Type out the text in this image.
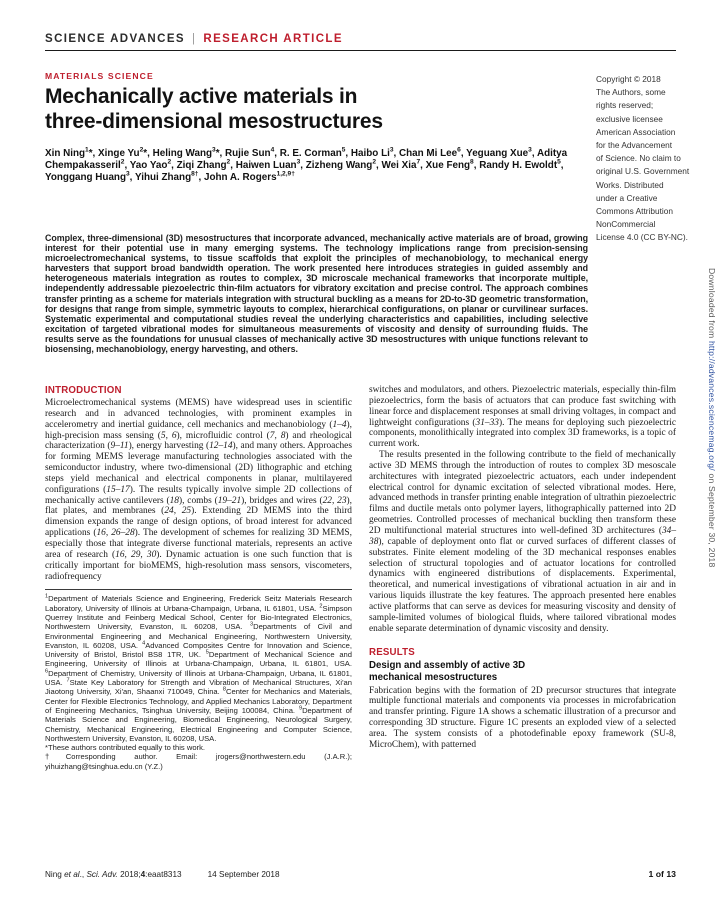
SCIENCE ADVANCES | RESEARCH ARTICLE
MATERIALS SCIENCE
Mechanically active materials in
three-dimensional mesostructures

Xin Ning$^1$*, Xinge Yu$^2$*, Heling Wang$^3$*, Rujie Sun$^4$, R. E. Corman$^5$, Haibo Li$^3$, Chan Mi Lee$^6$, Yeguang Xue$^3$, Aditya Chempakasseril$^2$, Yao Yao$^2$, Ziqi Zhang$^2$, Haiwen Luan$^3$, Zizheng Wang$^2$, Wei Xia$^7$, Xue Feng$^8$, Randy H. Ewoldt$^5$, Yonggang Huang$^3$, Yihui Zhang$^{8\dagger}$, John A. Rogers$^{1,2,9\dagger}$

Complex, three-dimensional (3D) mesostructures that incorporate advanced, mechanically active materials are of broad, growing interest for their potential use in many emerging systems. The technology implications range from precision-sensing microelectromechanical systems, to tissue scaffolds that exploit the principles of mechanobiology, to mechanical energy harvesters that support broad bandwidth operation. The work presented here introduces strategies in guided assembly and heterogeneous materials integration as routes to complex, 3D microscale mechanical frameworks that incorporate multiple, independently addressable piezoelectric thin-film actuators for vibratory excitation and precise control. The approach combines transfer printing as a scheme for materials integration with structural buckling as a means for 2D-to-3D geometric transformation, for designs that range from simple, symmetric layouts to complex, hierarchical configurations, on planar or curvilinear surfaces. Systematic experimental and computational studies reveal the underlying characteristics and capabilities, including selective excitation of targeted vibrational modes for simultaneous measurements of viscosity and density of surrounding fluids. The results serve as the foundations for unusual classes of mechanically active 3D mesostructures with unique functions relevant to biosensing, mechanobiology, energy harvesting, and others.

Copyright © 2018
The Authors, some
rights reserved;
exclusive licensee
American Association
for the Advancement
of Science. No claim to
original U.S. Government
Works. Distributed
under a Creative
Commons Attribution
NonCommercial
License 4.0 (CC BY-NC).
INTRODUCTION

Microelectromechanical systems (MEMS) have widespread uses in scientific research and in advanced technologies, with prominent examples in accelerometry and inertial guidance, cell mechanics and mechanobiology (1–4), high-precision mass sensing (5, 6), microfluidic control (7, 8) and rheological characterization (9–11), energy harvesting (12–14), and many others. Approaches for forming MEMS leverage manufacturing technologies associated with the semiconductor industry, where two-dimensional (2D) lithographic and etching steps yield mechanical and electrical components in planar, multilayered configurations (15–17). The results typically involve simple 2D collections of mechanically active cantilevers (18), combs (19–21), bridges and wires (22, 23), flat plates, and membranes (24, 25). Extending 2D MEMS into the third dimension expands the range of design options, of broad interest for advanced applications (16, 26–28). The development of schemes for realizing 3D MEMS, especially those that integrate diverse functional materials, represents an active area of research (16, 29, 30). Dynamic actuation is one such function that is critically important for bioMEMS, high-resolution mass sensors, viscometers, radiofrequency

$^1$Department of Materials Science and Engineering, Frederick Seitz Materials Research Laboratory, University of Illinois at Urbana-Champaign, Urbana, IL 61801, USA. $^2$Simpson Querrey Institute and Feinberg Medical School, Center for Bio-Integrated Electronics, Northwestern University, Evanston, IL 60208, USA. $^3$Departments of Civil and Environmental Engineering and Mechanical Engineering, Northwestern University, Evanston, IL 60208, USA. $^4$Advanced Composites Centre for Innovation and Science, University of Bristol, Bristol BS8 1TR, UK. $^5$Department of Mechanical Science and Engineering, University of Illinois at Urbana-Champaign, Urbana, IL 61801, USA. $^6$Department of Chemistry, University of Illinois at Urbana-Champaign, Urbana, IL 61801, USA. $^7$State Key Laboratory for Strength and Vibration of Mechanical Structures, Xi'an Jiaotong University, Xi'an, Shaanxi 710049, China. $^8$Center for Mechanics and Materials, Center for Flexible Electronics Technology, and Applied Mechanics Laboratory, Department of Engineering Mechanics, Tsinghua University, Beijing 100084, China. $^9$Department of Materials Science and Engineering, Biomedical Engineering, Neurological Surgery, Chemistry, Mechanical Engineering, Electrical Engineering and Computer Science, Northwestern University, Evanston, IL 60208, USA.

*These authors contributed equally to this work.

†Corresponding author. Email: jrogers@northwestern.edu (J.A.R.); yihuizhang@tsinghua.edu.cn (Y.Z.)

switches and modulators, and others. Piezoelectric materials, especially thin-film piezoelectrics, form the basis of actuators that can produce fast switching with linear force and displacement responses at small driving voltages, in compact and lightweight configurations (31–33). The means for deploying such piezoelectric components, monolithically integrated into complex 3D frameworks, is a topic of current work.

The results presented in the following contribute to the field of mechanically active 3D MEMS through the introduction of routes to complex 3D mesoscale architectures with integrated piezoelectric actuators, each under independent electrical control for dynamic excitation of selected vibrational modes. Here, advanced methods in transfer printing enable integration of ultrathin piezoelectric films and ductile metals onto polymer layers, lithographically patterned into 2D geometries. Controlled processes of mechanical buckling then transform these 2D multifunctional material structures into well-defined 3D architectures (34–38), capable of deployment onto flat or curved surfaces of different classes of substrates. Finite element modeling of the 3D mechanical responses enables selection of structural topologies and of actuator locations for controlled dynamics with engineered distributions of displacements. Experimental, theoretical, and numerical investigations of vibrational actuation in air and in various liquids illustrate the key features. The approach presented here enables active platforms that can serve as devices for measuring viscosity and density of sample-limited volumes of biological fluids, where tailored vibrational modes enable separate determination of dynamic viscosity and density.

RESULTS
Design and assembly of active 3D
mechanical mesostructures

Fabrication begins with the formation of 2D precursor structures that integrate multiple functional materials and components via processes in microfabrication and transfer printing. Figure 1A shows a schematic illustration of a precursor and corresponding 3D structure. Figure 1C presents an exploded view of a selected area. The system consists of a photodefinable epoxy framework (SU-8, MicroChem), with patterned

Ning et al., Sci. Adv. 2018;4:eaat8313	14 September 2018	1 of 13
Downloaded from http://advances.sciencemag.org/ on September 30, 2018
